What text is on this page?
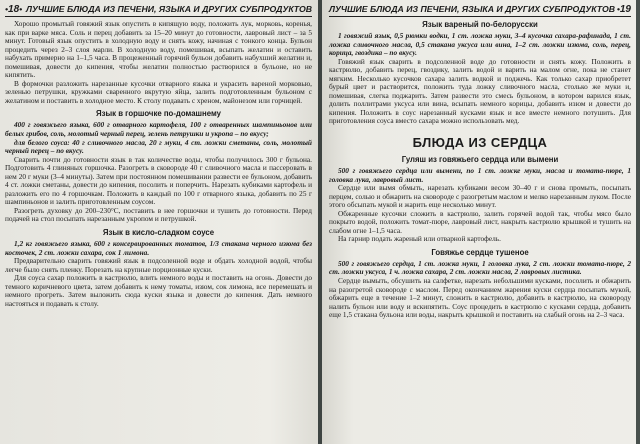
•18• ЛУЧШИЕ БЛЮДА ИЗ ПЕЧЕНИ, ЯЗЫКА И ДРУГИХ СУБПРОДУКТОВ

Хорошо промытый говяжий язык опустить в кипящую воду, положить лук, морковь, коренья, как при варке мяса. Соль и перец добавить за 15–20 минут до готовности, лавровый лист – за 5 минут. Готовый язык опустить в холодную воду и снять кожу, начиная с тонкого конца. Бульон процедить через 2–3 слоя марли. В холодную воду, помешивая, всыпать желатин и оставить набухать примерно на 1–1,5 часа. В процеженный горячий бульон добавить набухший желатин и, помешивая, довести до кипения, чтобы желатин полностью растворился в бульоне, но не кипятить.

В формочки разложить нарезанные кусочки отварного языка и украсить вареной морковью, зеленью петрушки, кружками сваренного вкрутую яйца, залить подготовленным бульоном с желатином и поставить в холодное место. К столу подавать с хреном, майонезом или горчицей.

Язык в горшочке по-домашнему

400 г говяжьего языка, 600 г отварного картофеля, 100 г отваренных шампиньонов или белых грибов, соль, молотый черный перец, зелень петрушки и укропа – по вкусу;

для белого соуса: 40 г сливочного масла, 20 г муки, 4 ст. ложки сметаны, соль, молотый черный перец – по вкусу.

Сварить почти до готовности язык в так количестве воды, чтобы получилось 300 г бульона. Подготовить 4 глиняных горшочка. Разогреть в сковороде 40 г сливочного масла и пассеровать в нем 20 г муки (3–4 минуты). Затем при постоянном помешивании развести ее бульоном, добавить 4 ст. ложки сметаны, довести до кипения, посолить и поперчить. Нарезать кубиками картофель и разложить его по 4 горшочкам. Положить в каждый по 100 г отварного языка, добавить по 25 г шампиньонов и залить приготовленным соусом.

Разогреть духовку до 200–230°С, поставить в нее горшочки и тушить до готовности. Перед подачей на стол посыпать нарезанным укропом и петрушкой.

Язык в кисло-сладком соусе

1,2 кг говяжьего языка, 600 г консервированных томатов, 1/3 стакана черного изюма без косточек, 2 ст. ложки сахара, сок 1 лимона.

Предварительно сварить говяжий язык в подсоленной воде и обдать холодной водой, чтобы легче было снять пленку. Порезать на крупные порционные куски.

Для соуса сахар положить в кастрюлю, влить немного воды и поставить на огонь. Довести до темного коричневого цвета, затем добавить к нему томаты, изюм, сок лимона, все перемешать и немного прогреть. Затем выложить сюда куски языка и довести до кипения. Дать немного настояться и подавать к столу.

ЛУЧШИЕ БЛЮДА ИЗ ПЕЧЕНИ, ЯЗЫКА И ДРУГИХ СУБПРОДУКТОВ •19
Язык вареный по-белорусски

1 говяжий язык, 0,5 рюмки водки, 1 ст. ложка муки, 3–4 кусочка сахара-рафинада, 1 ст. ложка сливочного масла, 0,5 стакана уксуса или вина, 1–2 ст. ложки изюма, соль, перец, корица, гвоздика – по вкусу.

Говяжий язык сварить в подсоленной воде до готовности и снять кожу. Положить в кастрюлю, добавить перец, гвоздику, залить водой и варить на малом огне, пока не станет мягким. Несколько кусочков сахара залить водкой и поджечь. Как только сахар приобретет бурый цвет и растворится, положить туда ложку сливочного масла, столько же муки и, помешивая, слегка поджарить. Затем развести это смесь бульоном, в котором варился язык, долить поллитрами уксуса или вина, всыпать немного корицы, добавить изюм и довести до кипения. Положить в соус нарезанный кусками язык и все вместе немного потушить. Для приготовления соуса вместо сахара можно использовать мед.

БЛЮДА ИЗ СЕРДЦА
Гуляш из говяжьего сердца или вымени

500 г говяжьего сердца или вымени, по 1 ст. ложке муки, масла и томата-пюре, 1 головка лука, лавровый лист.

Сердце или вымя обмыть, нарезать кубиками весом 30–40 г и снова промыть, посыпать перцем, солью и обжарить на сковороде с разогретым маслом и мелко нарезанным луком. После этого обсыпать мукой и жарить еще несколько минут.

Обжаренные кусочки сложить в кастрюлю, залить горячей водой так, чтобы мясо было покрыто водой, положить томат-пюре, лавровый лист, накрыть кастрюлю крышкой и тушить на слабом огне 1–1,5 часа.

На гарнир подать жареный или отварной картофель.

Говяжье сердце тушеное

500 г говяжьего сердца, 1 ст. ложка муки, 1 головка лука, 2 ст. ложки томата-пюре, 2 ст. ложки уксуса, 1 ч. ложка сахара, 2 ст. ложки масла, 2 лавровых листика.

Сердце вымыть, обсушить на салфетке, нарезать небольшими кусками, посолить и обжарить на разогретой сковороде с маслом. Перед окончанием жарения куски сердца посыпать мукой, обжарить еще в течение 1–2 минут, сложить в кастрюлю, добавить в кастрюлю, на сковороду налить бульон или воду и вскипятить. Соус процедить в кастрюлю с кусками сердца, добавить еще 1,5 стакана бульона или воды, накрыть крышкой и поставить на слабый огонь на 2–3 часа.
